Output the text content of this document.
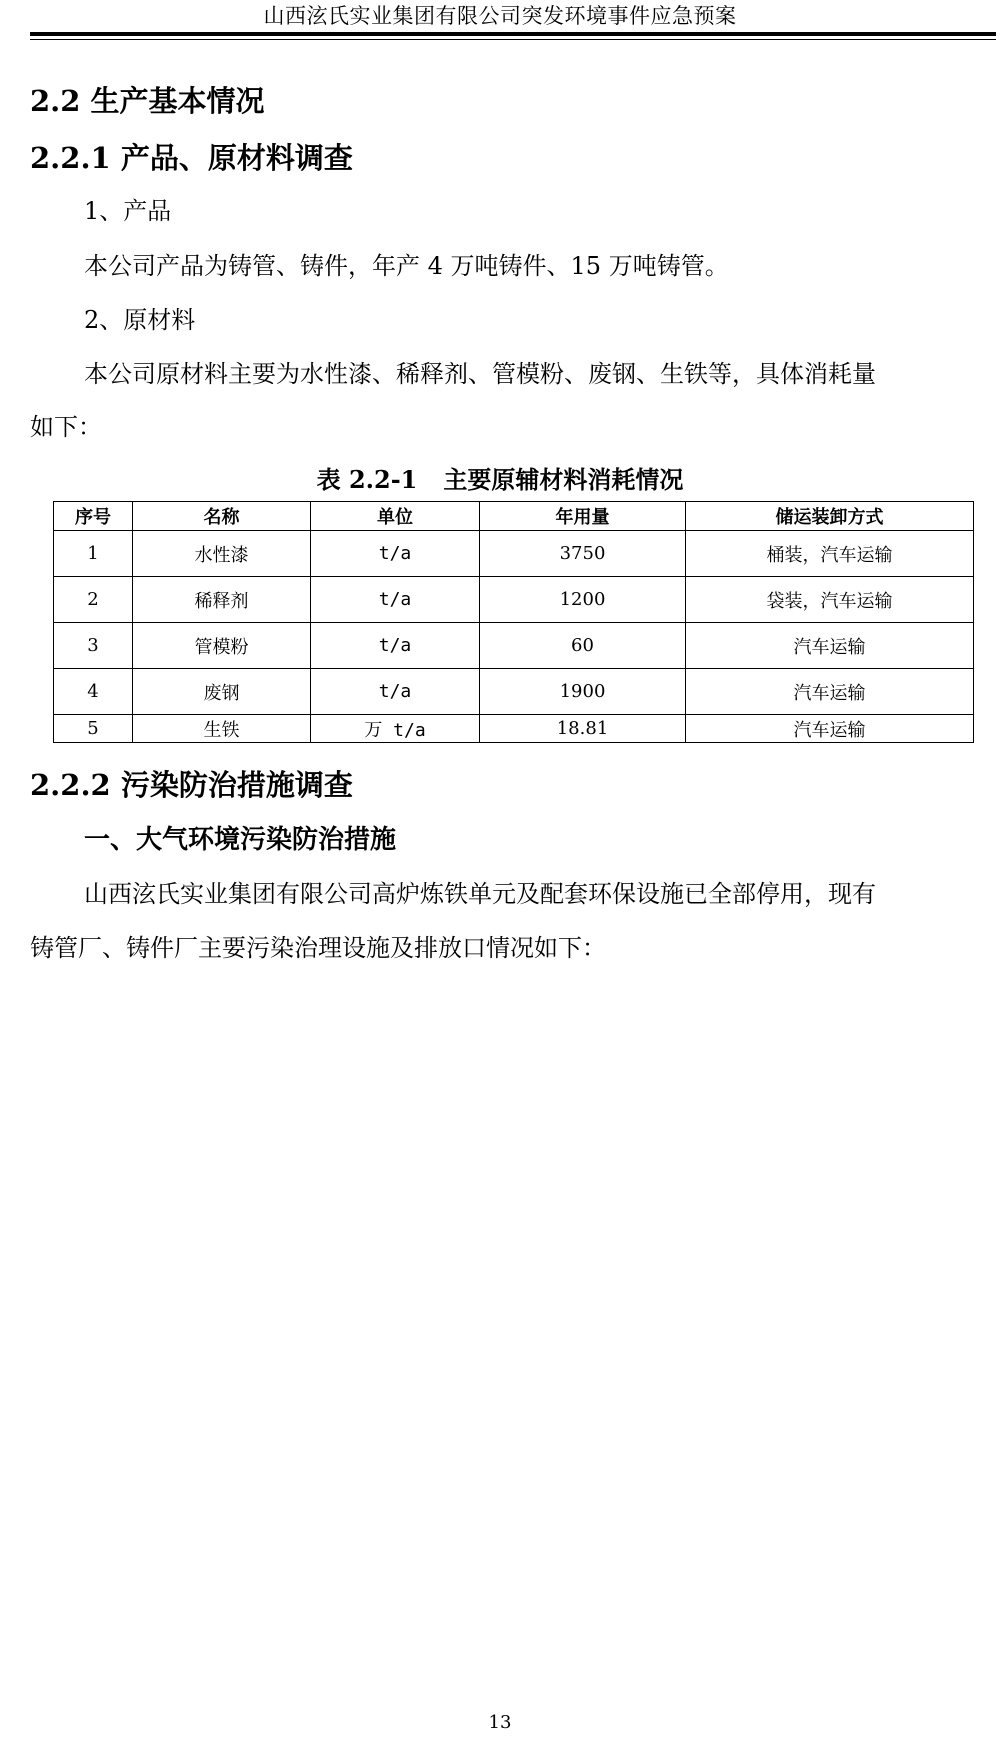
山西泫氏实业集团有限公司突发环境事件应急预案
2.2 生产基本情况
2.2.1 产品、原材料调查
1、产品
本公司产品为铸管、铸件，年产 4 万吨铸件、15 万吨铸管。
2、原材料
本公司原材料主要为水性漆、稀释剂、管模粉、废钢、生铁等，具体消耗量
如下：
表 2.2-1 主要原辅材料消耗情况
序号	名称	单位	年用量	储运装卸方式
1	水性漆	t/a	3750	桶装，汽车运输
2	稀释剂	t/a	1200	袋装，汽车运输
3	管模粉	t/a	60	汽车运输
4	废钢	t/a	1900	汽车运输
5	生铁	万 t/a	18.81	汽车运输
2.2.2 污染防治措施调查
一、大气环境污染防治措施
山西泫氏实业集团有限公司高炉炼铁单元及配套环保设施已全部停用，现有
铸管厂、铸件厂主要污染治理设施及排放口情况如下：
13
